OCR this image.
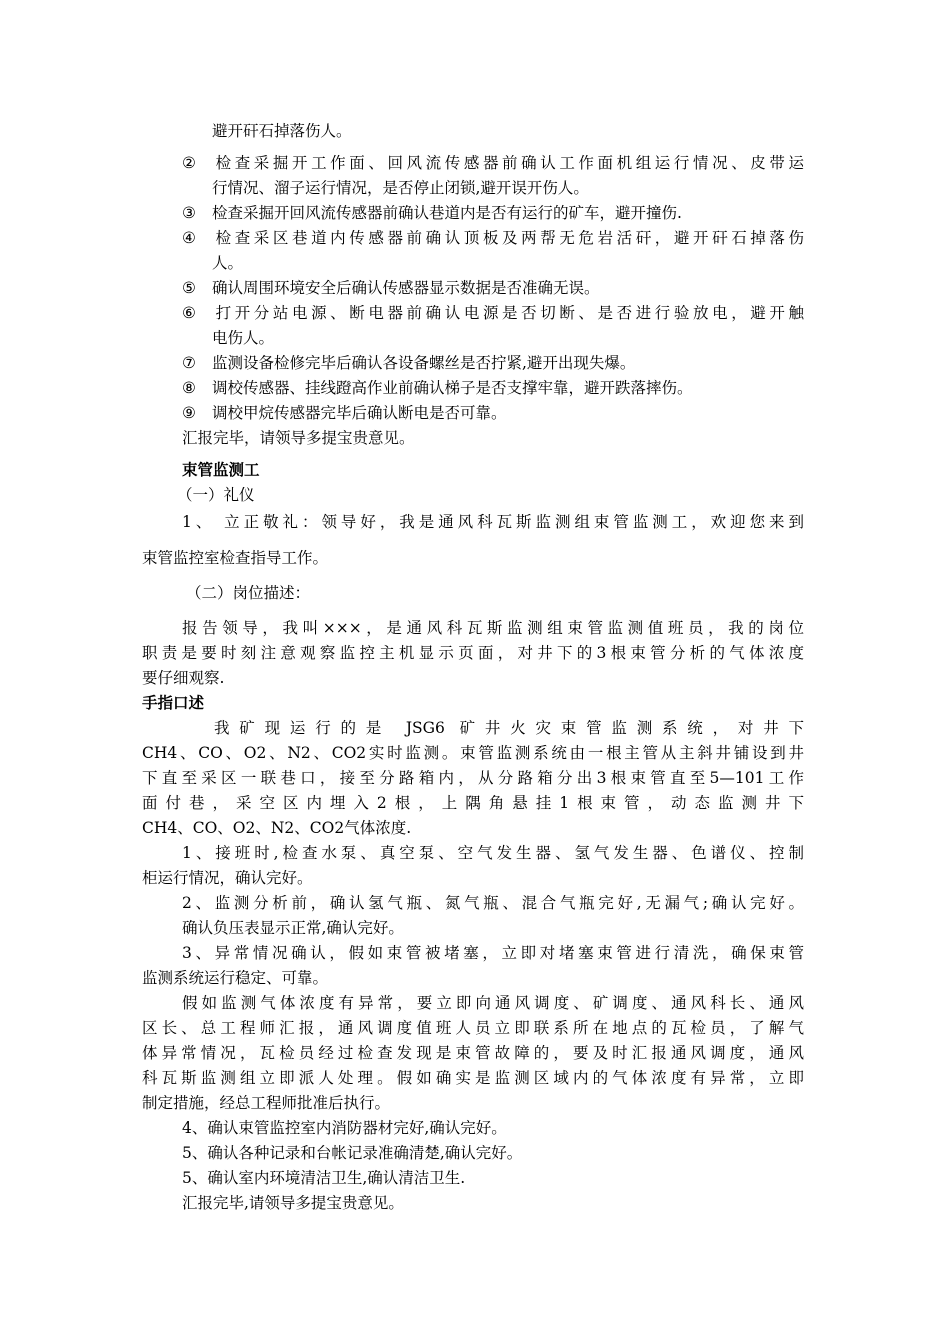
避开矸石掉落伤人。
② 检查采掘开工作面、回风流传感器前确认工作面机组运行情况、皮带运
行情况、溜子运行情况，是否停止闭锁,避开误开伤人。
③ 检查采掘开回风流传感器前确认巷道内是否有运行的矿车，避开撞伤.
④ 检查采区巷道内传感器前确认顶板及两帮无危岩活矸，避开矸石掉落伤
人。
⑤ 确认周围环境安全后确认传感器显示数据是否准确无误。
⑥ 打开分站电源、断电器前确认电源是否切断、是否进行验放电，避开触
电伤人。
⑦ 监测设备检修完毕后确认各设备螺丝是否拧紧,避开出现失爆。
⑧ 调校传感器、挂线蹬高作业前确认梯子是否支撑牢靠，避开跌落摔伤。
⑨ 调校甲烷传感器完毕后确认断电是否可靠。
汇报完毕，请领导多提宝贵意见。
束管监测工
（一）礼仪
1、 立正敬礼：领导好，我是通风科瓦斯监测组束管监测工，欢迎您来到
束管监控室检查指导工作。
（二）岗位描述：
报告领导，我叫×××，是通风科瓦斯监测组束管监测值班员，我的岗位
职责是要时刻注意观察监控主机显示页面，对井下的3根束管分析的气体浓度
要仔细观察.
手指口述
我矿现运行的是 JSG6 矿井火灾束管监测系统，对井下
CH4、CO、O2、N2、CO2实时监测。束管监测系统由一根主管从主斜井铺设到井
下直至采区一联巷口，接至分路箱内，从分路箱分出3根束管直至5—101工作
面付巷，采空区内埋入2根，上隅角悬挂1根束管，动态监测井下
CH4、CO、O2、N2、CO2气体浓度.
1、接班时,检查水泵、真空泵、空气发生器、氢气发生器、色谱仪、控制
柜运行情况，确认完好。
2、监测分析前，确认氢气瓶、氮气瓶、混合气瓶完好,无漏气;确认完好。
确认负压表显示正常,确认完好。
3、异常情况确认，假如束管被堵塞，立即对堵塞束管进行清洗，确保束管
监测系统运行稳定、可靠。
假如监测气体浓度有异常，要立即向通风调度、矿调度、通风科长、通风
区长、总工程师汇报，通风调度值班人员立即联系所在地点的瓦检员，了解气
体异常情况，瓦检员经过检查发现是束管故障的，要及时汇报通风调度，通风
科瓦斯监测组立即派人处理。假如确实是监测区域内的气体浓度有异常，立即
制定措施，经总工程师批准后执行。
4、确认束管监控室内消防器材完好,确认完好。
5、确认各种记录和台帐记录准确清楚,确认完好。
5、确认室内环境清洁卫生,确认清洁卫生.
汇报完毕,请领导多提宝贵意见。
